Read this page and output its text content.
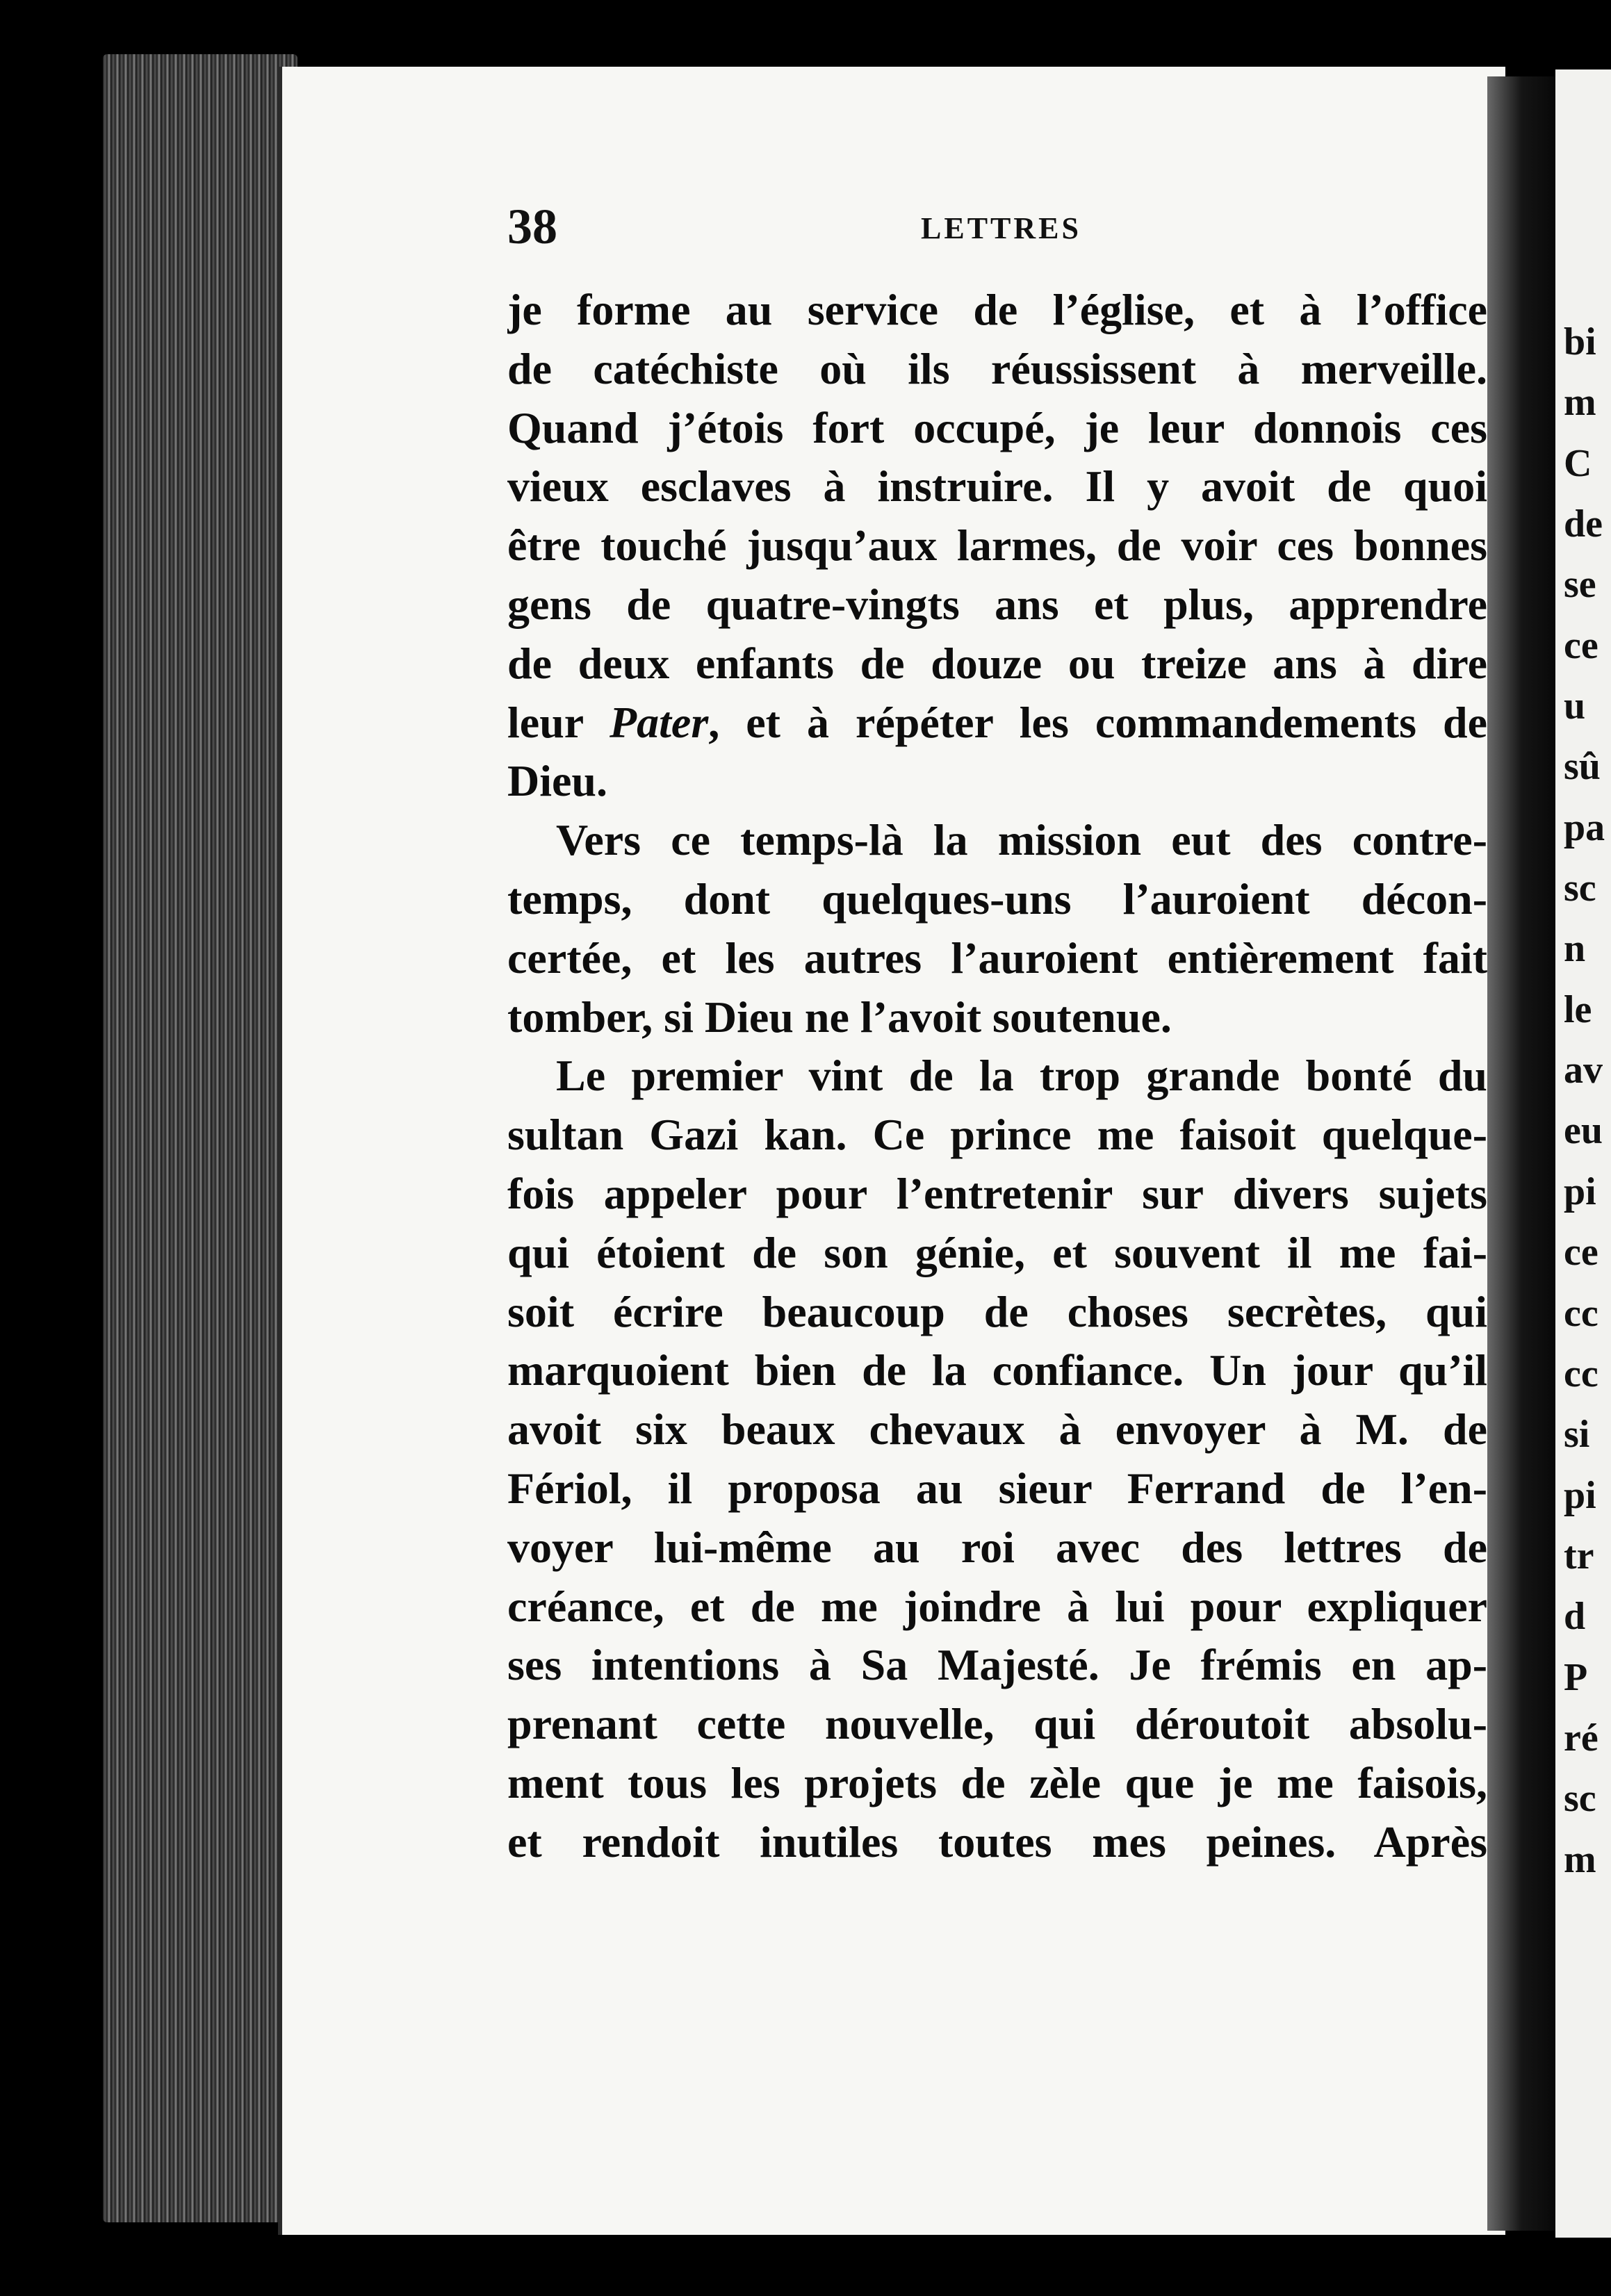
bi
m
C
de
se
ce
u
sû
pa
sc
n
le
av
eu
pi
ce
cc
cc
si
pi
tr
d
P
ré
sc
m
38	LETTRES
je forme au service de l’église, et à l’office
de catéchiste où ils réussissent à merveille.
Quand j’étois fort occupé, je leur donnois ces
vieux esclaves à instruire. Il y avoit de quoi
être touché jusqu’aux larmes, de voir ces bonnes
gens de quatre-vingts ans et plus, apprendre
de deux enfants de douze ou treize ans à dire
leur Pater, et à répéter les commandements de
Dieu.
Vers ce temps-là la mission eut des contre-
temps, dont quelques-uns l’auroient décon-
certée, et les autres l’auroient entièrement fait
tomber, si Dieu ne l’avoit soutenue.
Le premier vint de la trop grande bonté du
sultan Gazi kan. Ce prince me faisoit quelque-
fois appeler pour l’entretenir sur divers sujets
qui étoient de son génie, et souvent il me fai-
soit écrire beaucoup de choses secrètes, qui
marquoient bien de la confiance. Un jour qu’il
avoit six beaux chevaux à envoyer à M. de
Fériol, il proposa au sieur Ferrand de l’en-
voyer lui-même au roi avec des lettres de
créance, et de me joindre à lui pour expliquer
ses intentions à Sa Majesté. Je frémis en ap-
prenant cette nouvelle, qui déroutoit absolu-
ment tous les projets de zèle que je me faisois,
et rendoit inutiles toutes mes peines. Après
